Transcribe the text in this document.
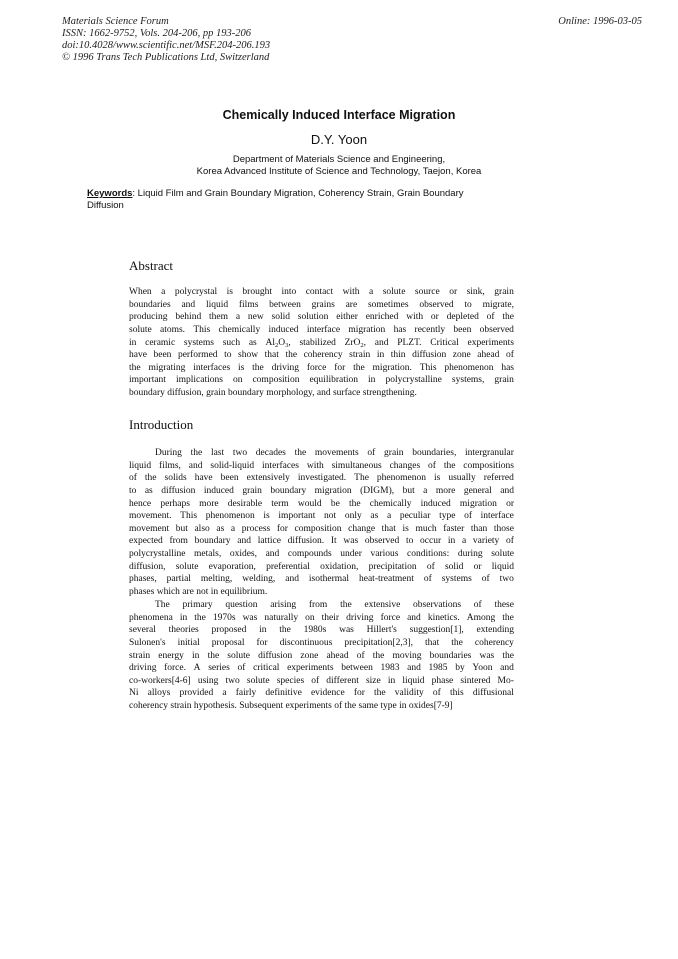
Materials Science Forum
ISSN: 1662-9752, Vols. 204-206, pp 193-206
doi:10.4028/www.scientific.net/MSF.204-206.193
© 1996 Trans Tech Publications Ltd, Switzerland
Online: 1996-03-05
Chemically Induced Interface Migration
D.Y. Yoon
Department of Materials Science and Engineering,
Korea Advanced Institute of Science and Technology, Taejon, Korea
Keywords: Liquid Film and Grain Boundary Migration, Coherency Strain, Grain Boundary
Diffusion
Abstract
When a polycrystal is brought into contact with a solute source or sink, grain
boundaries and liquid films between grains are sometimes observed to migrate,
producing behind them a new solid solution either enriched with or depleted of the
solute atoms. This chemically induced interface migration has recently been observed
in ceramic systems such as $Al_2O_3$, stabilized ZrO$_2$, and PLZT. Critical experiments
have been performed to show that the coherency strain in thin diffusion zone ahead of
the migrating interfaces is the driving force for the migration. This phenomenon has
important implications on composition equilibration in polycrystalline systems, grain
boundary diffusion, grain boundary morphology, and surface strengthening.
Introduction
During the last two decades the movements of grain boundaries, intergranular
liquid films, and solid-liquid interfaces with simultaneous changes of the compositions
of the solids have been extensively investigated. The phenomenon is usually referred
to as diffusion induced grain boundary migration (DIGM), but a more general and
hence perhaps more desirable term would be the chemically induced migration or
movement. This phenomenon is important not only as a peculiar type of interface
movement but also as a process for composition change that is much faster than those
expected from boundary and lattice diffusion. It was observed to occur in a variety of
polycrystalline metals, oxides, and compounds under various conditions: during solute
diffusion, solute evaporation, preferential oxidation, precipitation of solid or liquid
phases, partial melting, welding, and isothermal heat-treatment of systems of two
phases which are not in equilibrium.
The primary question arising from the extensive observations of these
phenomena in the 1970s was naturally on their driving force and kinetics. Among the
several theories proposed in the 1980s was Hillert's suggestion[1], extending
Sulonen's initial proposal for discontinuous precipitation[2,3], that the coherency
strain energy in the solute diffusion zone ahead of the moving boundaries was the
driving force. A series of critical experiments between 1983 and 1985 by Yoon and
co-workers[4-6] using two solute species of different size in liquid phase sintered Mo-
Ni alloys provided a fairly definitive evidence for the validity of this diffusional
coherency strain hypothesis. Subsequent experiments of the same type in oxides[7-9]
